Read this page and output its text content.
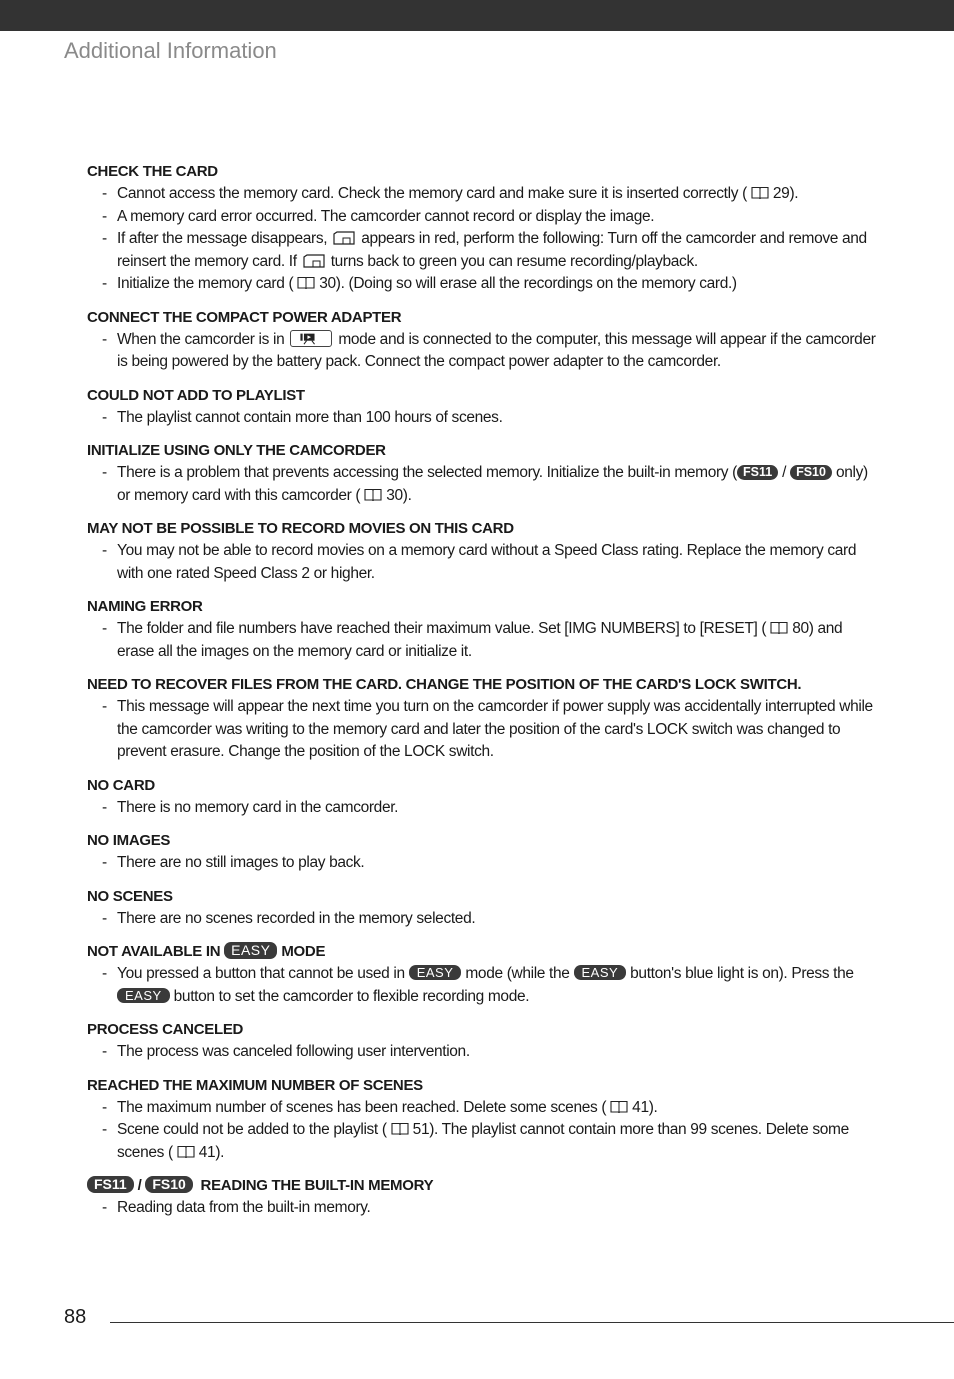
Additional Information
CHECK THE CARD
- Cannot access the memory card. Check the memory card and make sure it is inserted correctly ( 29).
- A memory card error occurred. The camcorder cannot record or display the image.
- If after the message disappears, appears in red, perform the following: Turn off the camcorder and remove and reinsert the memory card. If turns back to green you can resume recording/playback.
- Initialize the memory card ( 30). (Doing so will erase all the recordings on the memory card.)
CONNECT THE COMPACT POWER ADAPTER
- When the camcorder is in	mode and is connected to the computer, this message will appear if the camcorder is being powered by the battery pack. Connect the compact power adapter to the camcorder.
COULD NOT ADD TO PLAYLIST
- The playlist cannot contain more than 100 hours of scenes.
INITIALIZE USING ONLY THE CAMCORDER
- There is a problem that prevents accessing the selected memory. Initialize the built-in memory ( FS11 / FS10 only) or memory card with this camcorder ( 30).
MAY NOT BE POSSIBLE TO RECORD MOVIES ON THIS CARD
- You may not be able to record movies on a memory card without a Speed Class rating. Replace the memory card with one rated Speed Class 2 or higher.
NAMING ERROR
- The folder and file numbers have reached their maximum value. Set [IMG NUMBERS] to [RESET] ( 80) and erase all the images on the memory card or initialize it.
NEED TO RECOVER FILES FROM THE CARD. CHANGE THE POSITION OF THE CARD'S LOCK SWITCH.
- This message will appear the next time you turn on the camcorder if power supply was accidentally interrupted while the camcorder was writing to the memory card and later the position of the card's LOCK switch was changed to prevent erasure. Change the position of the LOCK switch.
NO CARD
- There is no memory card in the camcorder.
NO IMAGES
- There are no still images to play back.
NO SCENES
- There are no scenes recorded in the memory selected.
NOT AVAILABLE IN EASY MODE
- You pressed a button that cannot be used in EASY mode (while the EASY button's blue light is on). Press the EASY button to set the camcorder to flexible recording mode.
PROCESS CANCELED
- The process was canceled following user intervention.
REACHED THE MAXIMUM NUMBER OF SCENES
- The maximum number of scenes has been reached. Delete some scenes ( 41).
- Scene could not be added to the playlist ( 51). The playlist cannot contain more than 99 scenes. Delete some scenes ( 41).
FS11 / FS10 READING THE BUILT-IN MEMORY
- Reading data from the built-in memory.
88
